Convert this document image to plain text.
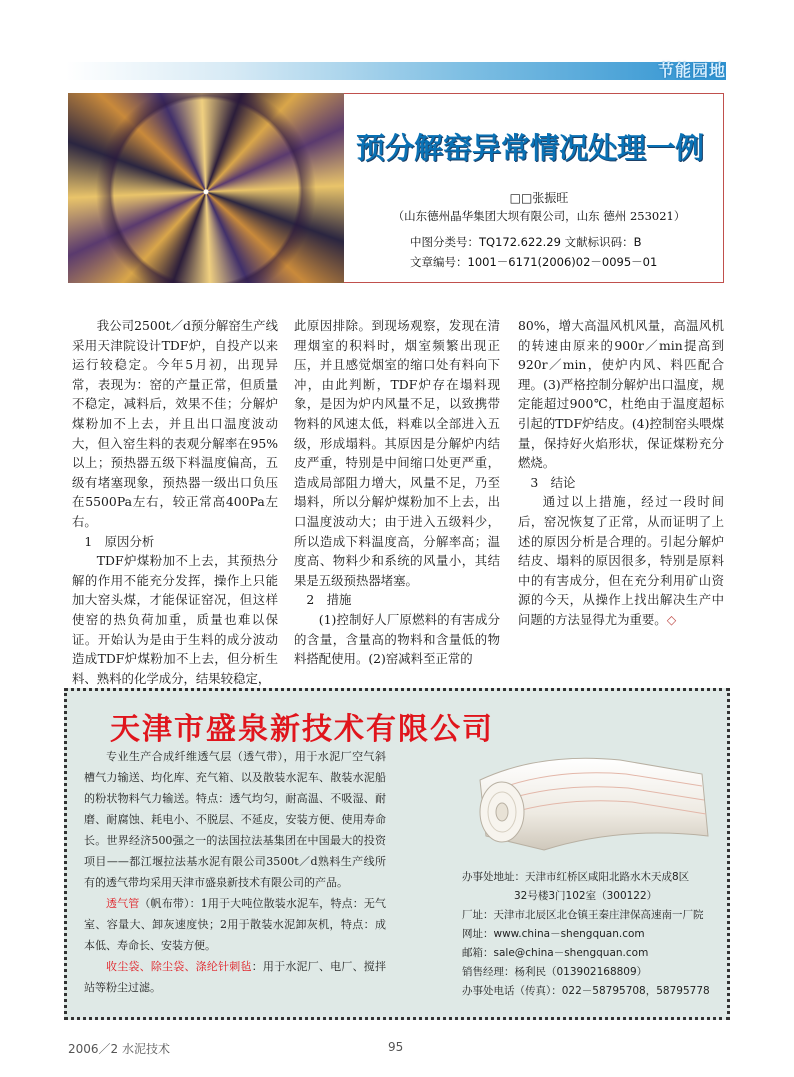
节能园地
预分解窑异常情况处理一例
□□张振旺
（山东德州晶华集团大坝有限公司，山东 德州 253021）
中图分类号：TQ172.622.29 文献标识码：B
文章编号：1001－6171(2006)02－0095－01

我公司2500t／d预分解窑生产线采用天津院设计TDF炉，自投产以来运行较稳定。今年5月初，出现异常，表现为：窑的产量正常，但质量不稳定，减料后，效果不佳；分解炉煤粉加不上去，并且出口温度波动大，但入窑生料的表观分解率在95%以上；预热器五级下料温度偏高，五级有堵塞现象，预热器一级出口负压在5500Pa左右，较正常高400Pa左右。

1　原因分析

TDF炉煤粉加不上去，其预热分解的作用不能充分发挥，操作上只能加大窑头煤，才能保证窑况，但这样使窑的热负荷加重，质量也难以保证。开始认为是由于生料的成分波动造成TDF炉煤粉加不上去，但分析生料、熟料的化学成分，结果较稳定，

此原因排除。到现场观察，发现在清理烟室的积料时，烟室频繁出现正压，并且感觉烟室的缩口处有料向下冲，由此判断，TDF炉存在塌料现象，是因为炉内风量不足，以致携带物料的风速太低，料难以全部进入五级，形成塌料。其原因是分解炉内结皮严重，特别是中间缩口处更严重，造成局部阻力增大，风量不足，乃至塌料，所以分解炉煤粉加不上去，出口温度波动大；由于进入五级料少，所以造成下料温度高，分解率高；温度高、物料少和系统的风量小，其结果是五级预热器堵塞。

2　措施

(1)控制好人厂原燃料的有害成分的含量，含量高的物料和含量低的物料搭配使用。(2)窑减料至正常的

80%，增大高温风机风量，高温风机的转速由原来的900r／min提高到920r／min，使炉内风、料匹配合理。(3)严格控制分解炉出口温度，规定能超过900℃，杜绝由于温度超标引起的TDF炉结皮。(4)控制窑头喂煤量，保持好火焰形状，保证煤粉充分燃烧。

3　结论

通过以上措施，经过一段时间后，窑况恢复了正常，从而证明了上述的原因分析是合理的。引起分解炉结皮、塌料的原因很多，特别是原料中的有害成分，但在充分利用矿山资源的今天，从操作上找出解决生产中问题的方法显得尤为重要。◇

天津市盛泉新技术有限公司

专业生产合成纤维透气层（透气带），用于水泥厂空气斜槽气力输送、均化库、充气箱、以及散装水泥车、散装水泥船的粉状物料气力输送。特点：透气均匀，耐高温、不吸湿、耐磨、耐腐蚀、耗电小、不脱层、不延皮，安装方便、使用寿命长。世界经济500强之一的法国拉法基集团在中国最大的投资项目——都江堰拉法基水泥有限公司3500t／d熟料生产线所有的透气带均采用天津市盛泉新技术有限公司的产品。

透气管（帆布带）：1用于大吨位散装水泥车，特点：无气室、容量大、卸灰速度快；2用于散装水泥卸灰机，特点：成本低、寿命长、安装方便。

收尘袋、除尘袋、涤纶针刺毡：用于水泥厂、电厂、搅拌站等粉尘过滤。

办事处地址：天津市红桥区咸阳北路水木天成8区
32号楼3门102室（300122）
厂址：天津市北辰区北仓镇王秦庄津保高速南一厂院
网址：www.china－shengquan.com
邮箱：sale@china－shengquan.com
销售经理：杨利民（013902168809）
办事处电话（传真）：022－58795708，58795778
2006／2 水泥技术	95
